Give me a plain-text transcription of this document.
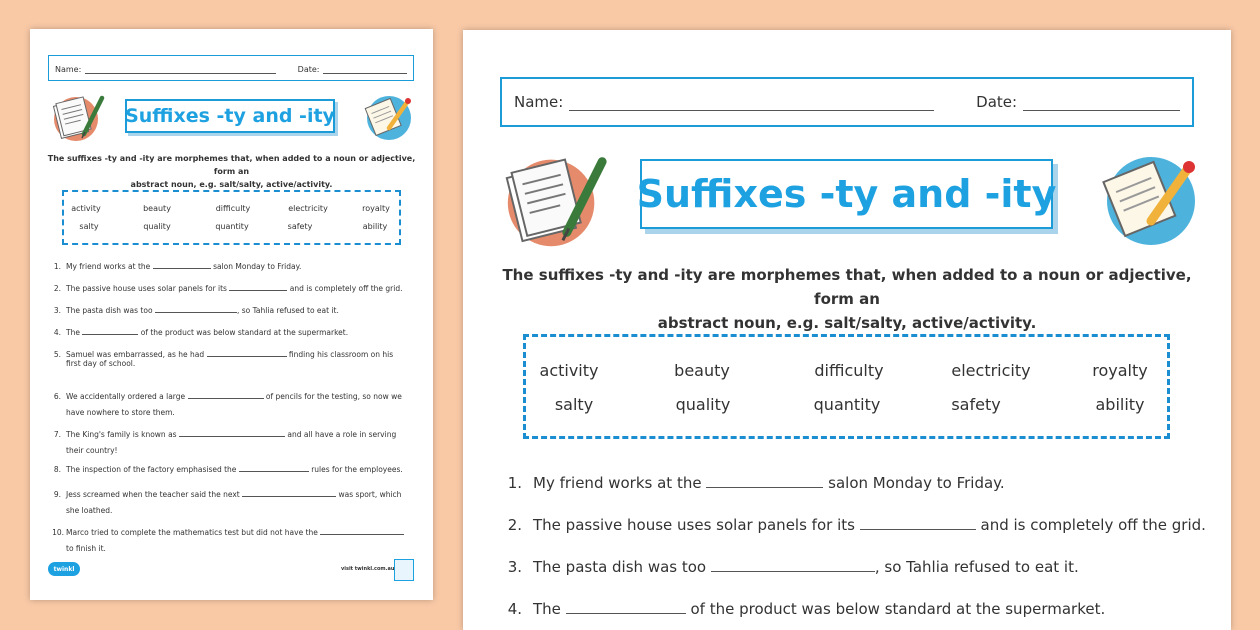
Name:	Date:
Suffixes -ty and -ity
The suffixes -ty and -ity are morphemes that, when added to a noun or adjective, form an
abstract noun, e.g. salt/salty, active/activity.
activity	beauty	difficulty	electricity	royalty
salty	quality	quantity	safety	ability
1. My friend works at the	salon Monday to Friday.
2. The passive house uses solar panels for its	and is completely off the grid.
3. The pasta dish was too	, so Tahlia refused to eat it.
4. The	of the product was below standard at the supermarket.
5. Samuel was embarrassed, as he had	finding his classroom on his
first day of school.
6. We accidentally ordered a large	of pencils for the testing, so now we
have nowhere to store them.
7. The King's family is known as	and all have a role in serving
their country!
8. The inspection of the factory emphasised the	rules for the employees.
9. Jess screamed when the teacher said the next	was sport, which
she loathed.
10. Marco tried to complete the mathematics test but did not have the
to finish it.
twinkl	visit twinkl.com.au
Name:	Date:
Suffixes -ty and -ity
The suffixes -ty and -ity are morphemes that, when added to a noun or adjective, form an
abstract noun, e.g. salt/salty, active/activity.
activity	beauty	difficulty	electricity	royalty
salty	quality	quantity	safety	ability
1. My friend works at the	salon Monday to Friday.
2. The passive house uses solar panels for its	and is completely off the grid.
3. The pasta dish was too	, so Tahlia refused to eat it.
4. The	of the product was below standard at the supermarket.
